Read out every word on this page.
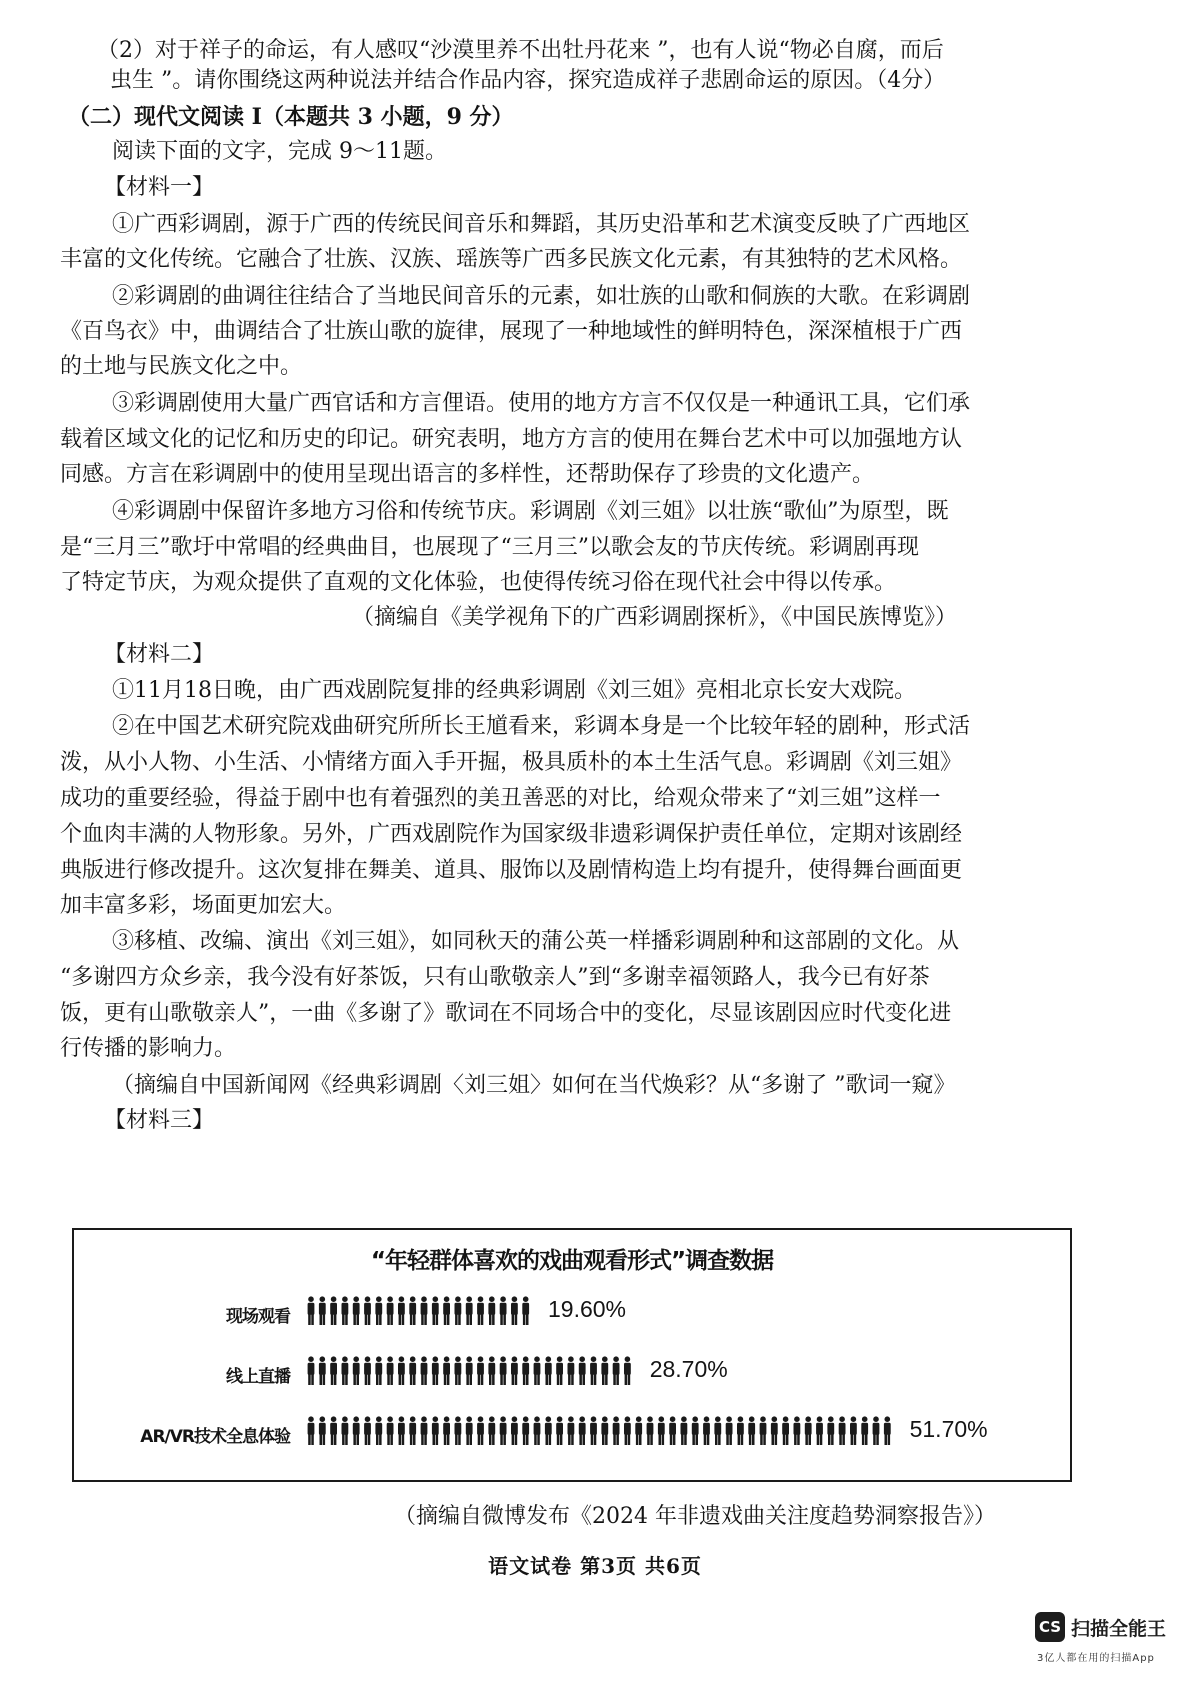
（2）对于祥子的命运，有人感叹“沙漠里养不出牡丹花来 ”，也有人说“物必自腐，而后
虫生 ”。请你围绕这两种说法并结合作品内容，探究造成祥子悲剧命运的原因。（4分）
（二）现代文阅读 Ⅰ（本题共 3 小题，9 分）
阅读下面的文字，完成 9～11题。
【材料一】
①广西彩调剧，源于广西的传统民间音乐和舞蹈，其历史沿革和艺术演变反映了广西地区
丰富的文化传统。它融合了壮族、汉族、瑶族等广西多民族文化元素，有其独特的艺术风格。
②彩调剧的曲调往往结合了当地民间音乐的元素，如壮族的山歌和侗族的大歌。在彩调剧
《百鸟衣》中，曲调结合了壮族山歌的旋律，展现了一种地域性的鲜明特色，深深植根于广西
的土地与民族文化之中。
③彩调剧使用大量广西官话和方言俚语。使用的地方方言不仅仅是一种通讯工具，它们承
载着区域文化的记忆和历史的印记。研究表明，地方方言的使用在舞台艺术中可以加强地方认
同感。方言在彩调剧中的使用呈现出语言的多样性，还帮助保存了珍贵的文化遗产。
④彩调剧中保留许多地方习俗和传统节庆。彩调剧《刘三姐》以壮族“歌仙”为原型，既
是“三月三”歌圩中常唱的经典曲目，也展现了“三月三”以歌会友的节庆传统。彩调剧再现
了特定节庆，为观众提供了直观的文化体验，也使得传统习俗在现代社会中得以传承。
（摘编自《美学视角下的广西彩调剧探析》，《中国民族博览》）
【材料二】
①11月18日晚，由广西戏剧院复排的经典彩调剧《刘三姐》亮相北京长安大戏院。
②在中国艺术研究院戏曲研究所所长王馗看来，彩调本身是一个比较年轻的剧种，形式活
泼，从小人物、小生活、小情绪方面入手开掘，极具质朴的本土生活气息。彩调剧《刘三姐》
成功的重要经验，得益于剧中也有着强烈的美丑善恶的对比，给观众带来了“刘三姐”这样一
个血肉丰满的人物形象。另外，广西戏剧院作为国家级非遗彩调保护责任单位，定期对该剧经
典版进行修改提升。这次复排在舞美、道具、服饰以及剧情构造上均有提升，使得舞台画面更
加丰富多彩，场面更加宏大。
③移植、改编、演出《刘三姐》，如同秋天的蒲公英一样播彩调剧种和这部剧的文化。从
“多谢四方众乡亲，我今没有好茶饭，只有山歌敬亲人”到“多谢幸福领路人，我今已有好茶
饭，更有山歌敬亲人”，一曲《多谢了》歌词在不同场合中的变化，尽显该剧因应时代变化进
行传播的影响力。
（摘编自中国新闻网《经典彩调剧〈刘三姐〉如何在当代焕彩？从“多谢了 ”歌词一窥》
【材料三】
“年轻群体喜欢的戏曲观看形式”调查数据
现场观看	19.60%
线上直播	28.70%
AR/VR技术全息体验	51.70%
（摘编自微博发布《2024 年非遗戏曲关注度趋势洞察报告》）
语文试卷 第3页 共6页
CS 扫描全能王
3亿人都在用的扫描App
